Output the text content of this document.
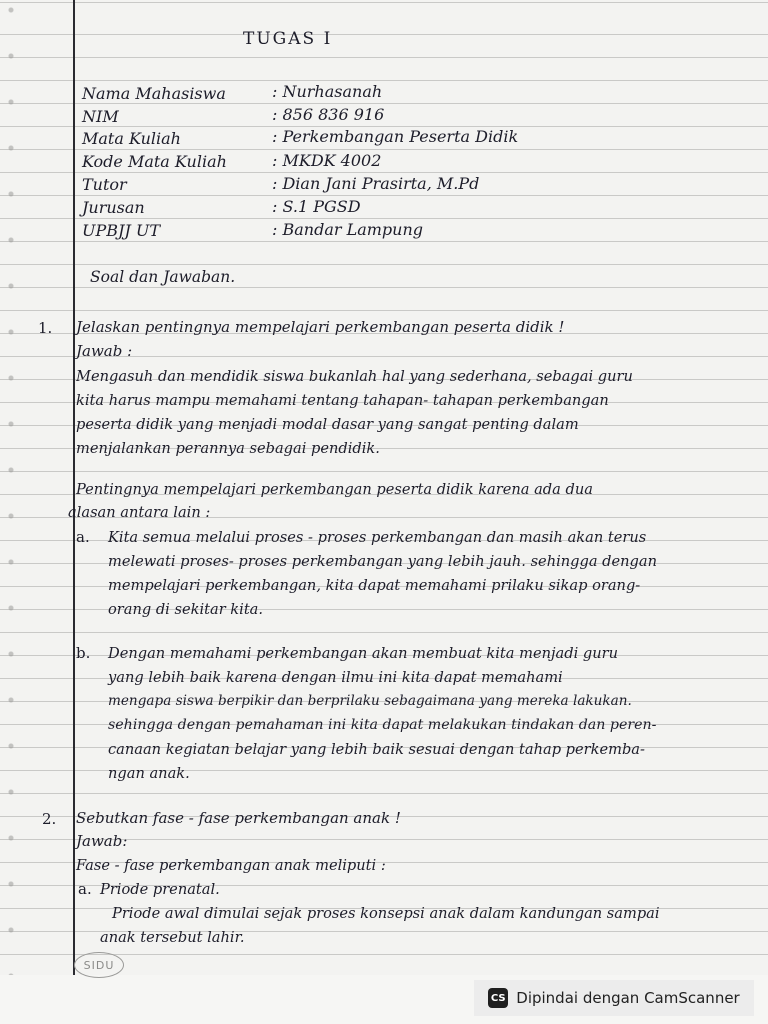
TUGAS I
Nama Mahasiswa	: Nurhasanah
NIM	: 856 836 916
Mata Kuliah	: Perkembangan Peserta Didik
Kode Mata Kuliah	: MKDK 4002
Tutor	: Dian Jani Prasirta, M.Pd
Jurusan	: S.1 PGSD
UPBJJ UT	: Bandar Lampung
Soal dan Jawaban.
1. Jelaskan pentingnya mempelajari perkembangan peserta didik !
Jawab :
Mengasuh dan mendidik siswa bukanlah hal yang sederhana, sebagai guru
kita harus mampu memahami tentang tahapan- tahapan perkembangan
peserta didik yang menjadi modal dasar yang sangat penting dalam
menjalankan perannya sebagai pendidik.
Pentingnya mempelajari perkembangan peserta didik karena ada dua
alasan antara lain :
a. Kita semua melalui proses - proses perkembangan dan masih akan terus
melewati proses- proses perkembangan yang lebih jauh. sehingga dengan
mempelajari perkembangan, kita dapat memahami prilaku sikap orang-
orang di sekitar kita.
b. Dengan memahami perkembangan akan membuat kita menjadi guru
yang lebih baik karena dengan ilmu ini kita dapat memahami
mengapa siswa berpikir dan berprilaku sebagaimana yang mereka lakukan.
sehingga dengan pemahaman ini kita dapat melakukan tindakan dan peren-
canaan kegiatan belajar yang lebih baik sesuai dengan tahap perkemba-
ngan anak.
2. Sebutkan fase - fase perkembangan anak !
Jawab:
Fase - fase perkembangan anak meliputi :
a. Priode prenatal.
Priode awal dimulai sejak proses konsepsi anak dalam kandungan sampai
anak tersebut lahir.
SIDU
CS Dipindai dengan CamScanner
